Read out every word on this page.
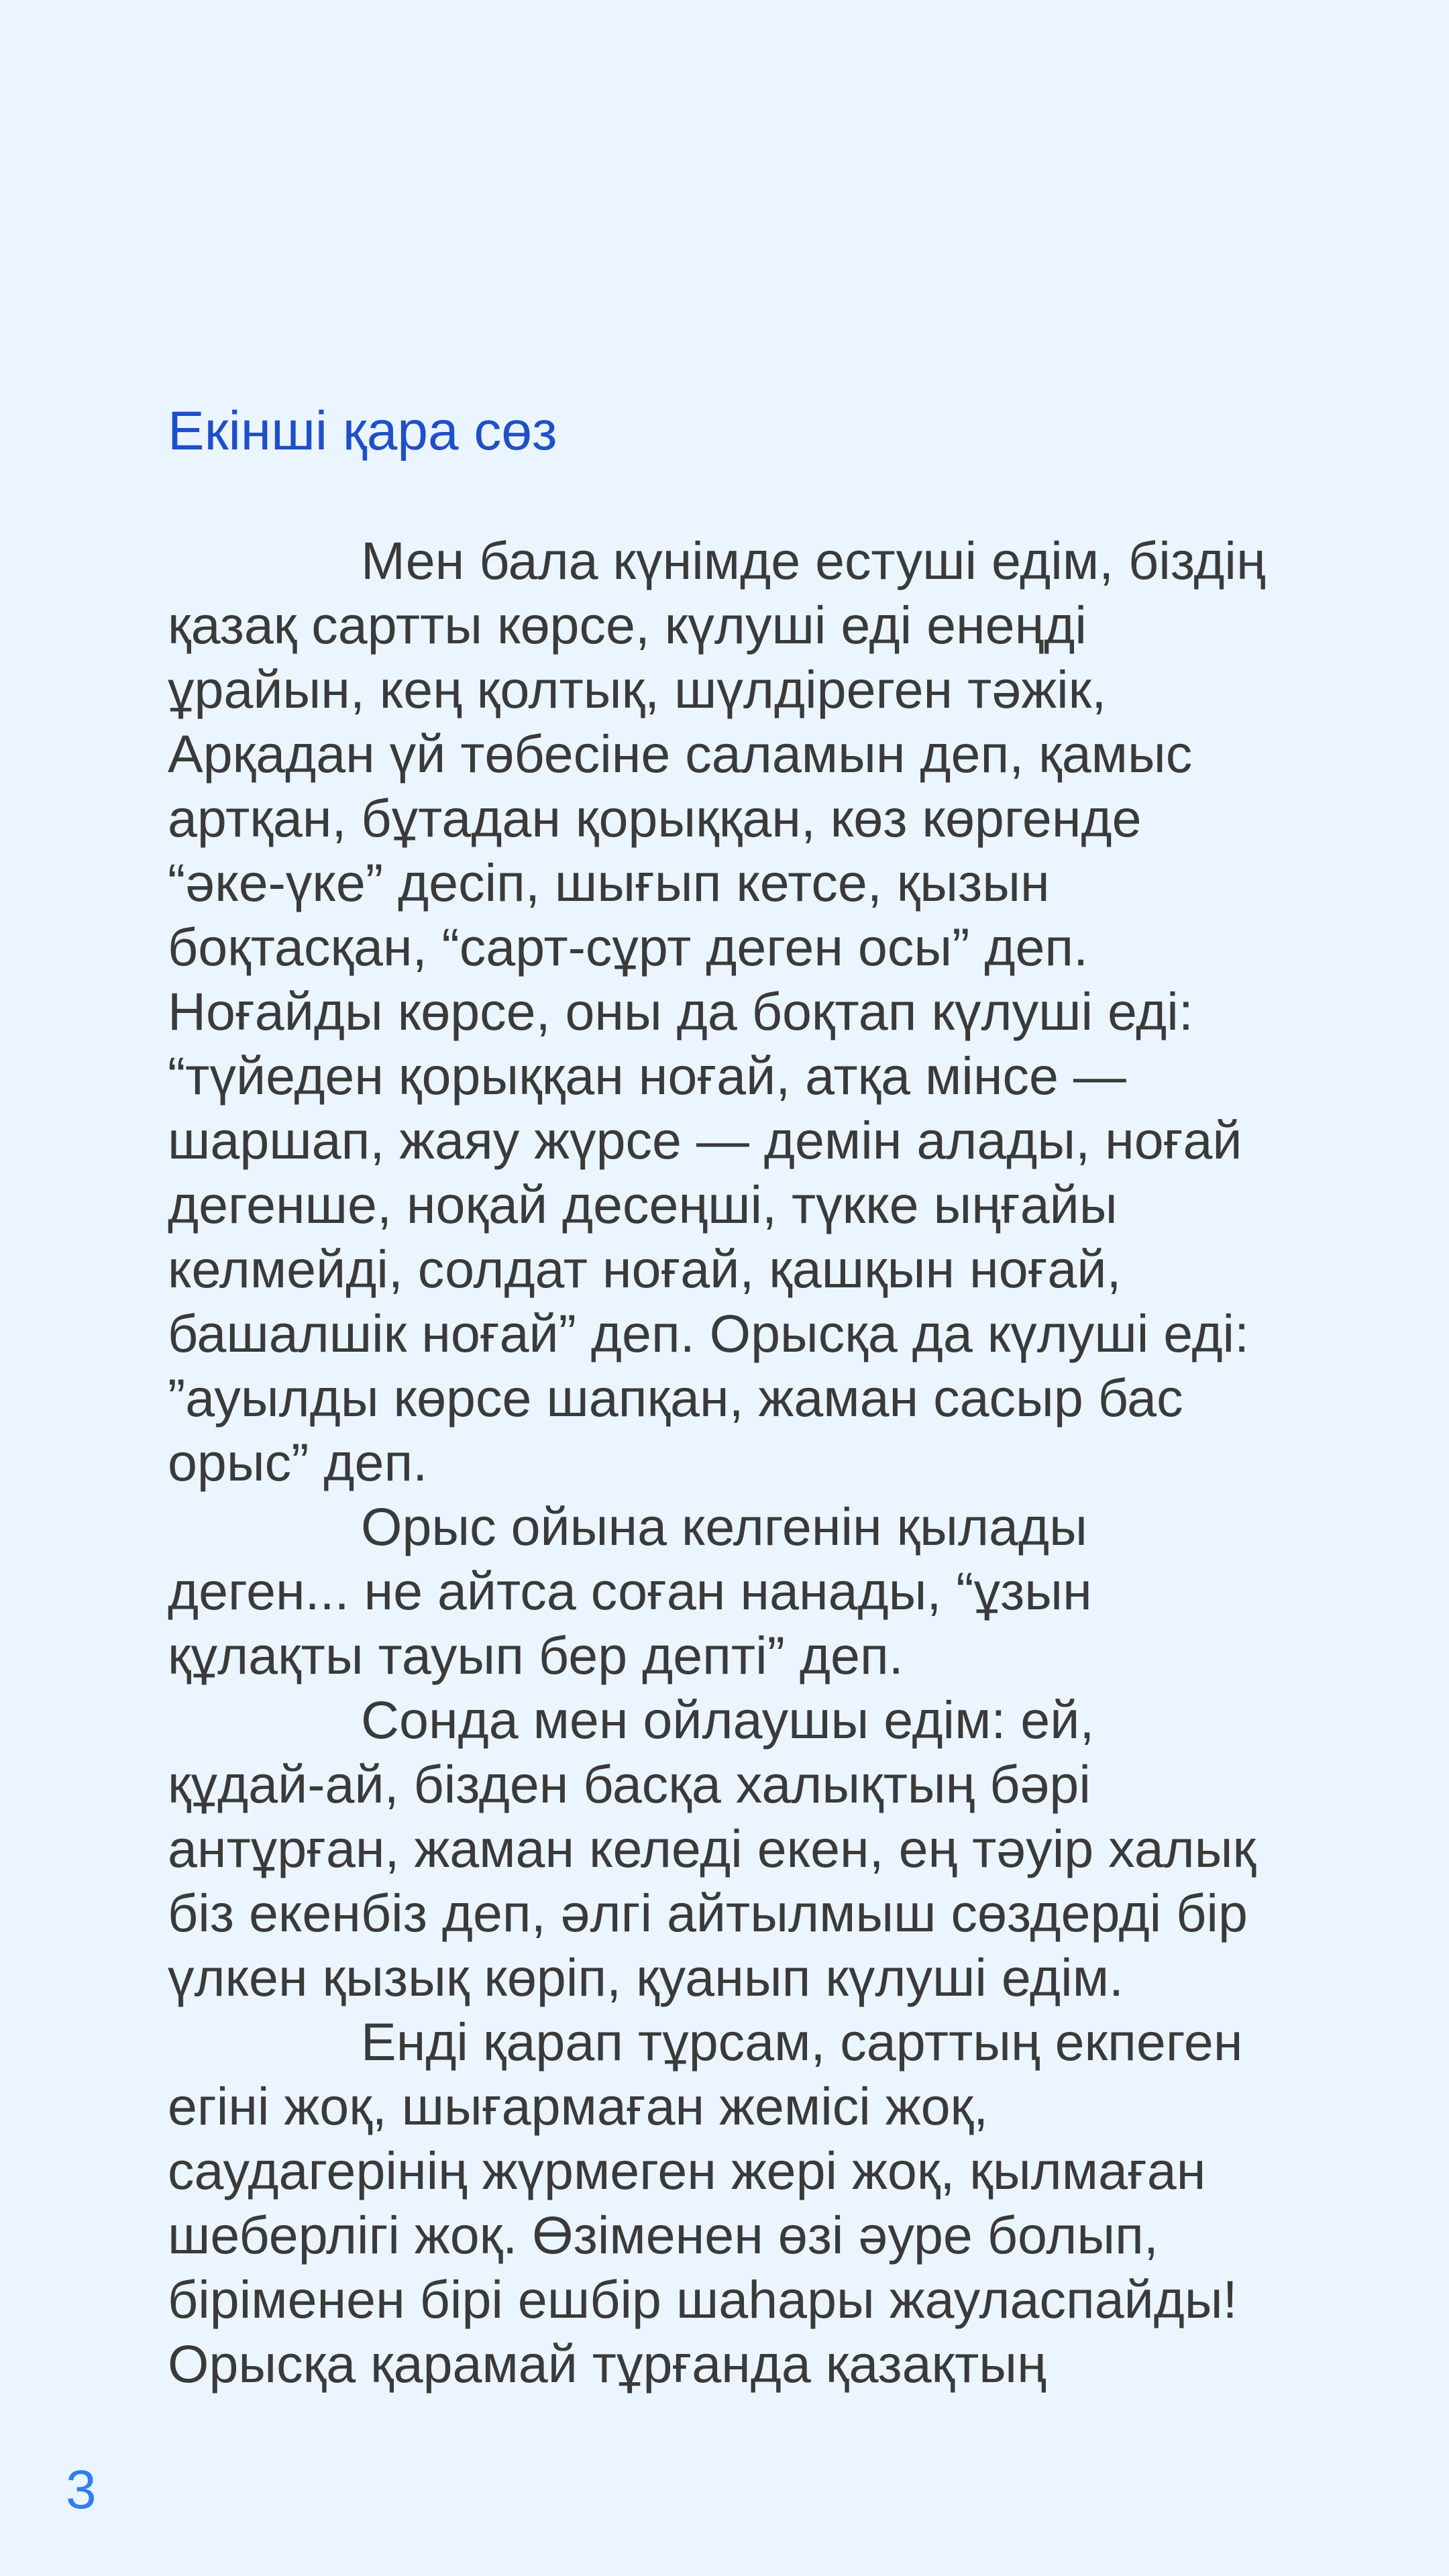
Екінші қара сөз
Мен бала күнімде естуші едім, біздің
қазақ сартты көрсе, күлуші еді енеңді
ұрайын, кең қолтық, шүлдіреген тәжік,
Арқадан үй төбесіне саламын деп, қамыс
артқан, бұтадан қорыққан, көз көргенде
“әке-үке” десіп, шығып кетсе, қызын
боқтасқан, “сарт-сұрт деген осы” деп.
Ноғайды көрсе, оны да боқтап күлуші еді:
“түйеден қорыққан ноғай, атқа мінсе —
шаршап, жаяу жүрсе — демін алады, ноғай
дегенше, ноқай десеңші, түкке ыңғайы
келмейді, солдат ноғай, қашқын ноғай,
башалшік ноғай” деп. Орысқа да күлуші еді:
”ауылды көрсе шапқан, жаман сасыр бас
орыс” деп.
Орыс ойына келгенін қылады
деген... не айтса соған нанады, “ұзын
құлақты тауып бер депті” деп.
Сонда мен ойлаушы едім: ей,
құдай-ай, бізден басқа халықтың бәрі
антұрған, жаман келеді екен, ең тәуір халық
біз екенбіз деп, әлгі айтылмыш сөздерді бір
үлкен қызық көріп, қуанып күлуші едім.
Енді қарап тұрсам, сарттың екпеген
егіні жоқ, шығармаған жемісі жоқ,
саудагерінің жүрмеген жері жоқ, қылмаған
шеберлігі жоқ. Өзіменен өзі әуре болып,
біріменен бірі ешбір шаһары жауласпайды!
Орысқа қарамай тұрғанда қазақтың
3
